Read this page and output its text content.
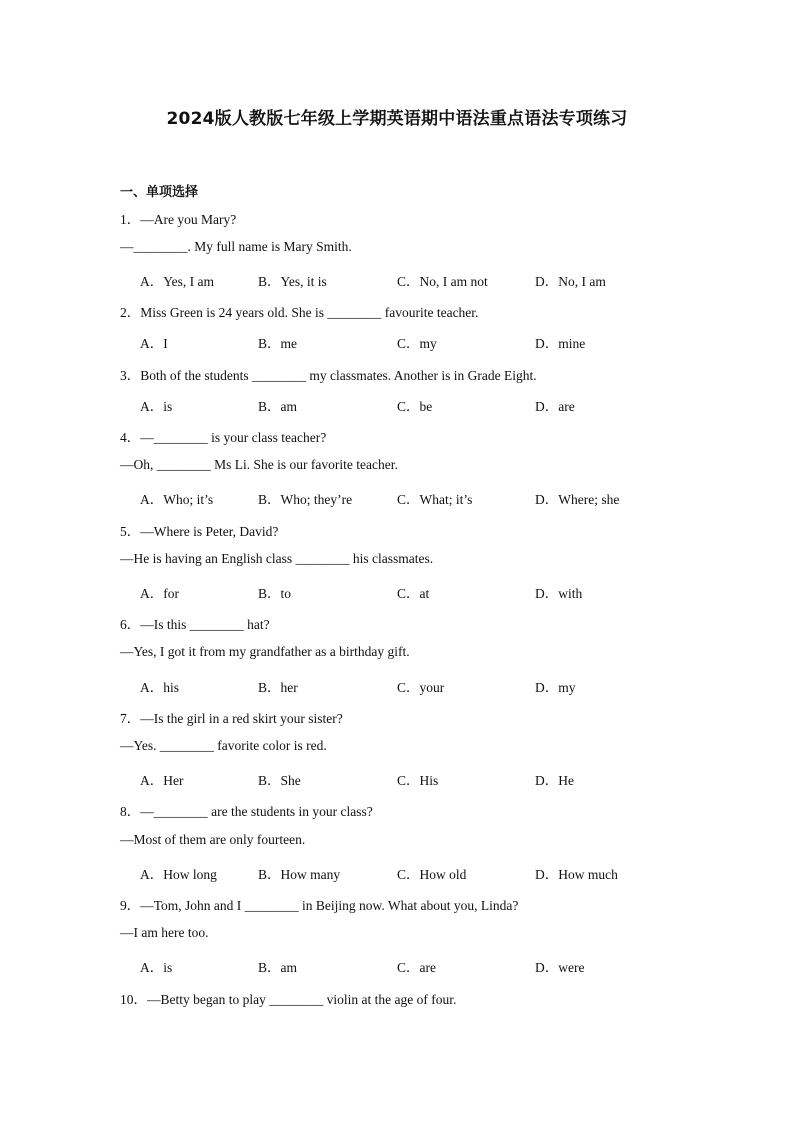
2024版人教版七年级上学期英语期中语法重点语法专项练习
一、单项选择
1．—Are you Mary?
—________. My full name is Mary Smith.
A．Yes, I am	B．Yes, it is	C．No, I am not	D．No, I am
2．Miss Green is 24 years old. She is ________ favourite teacher.
A．I	B．me	C．my	D．mine
3．Both of the students ________ my classmates. Another is in Grade Eight.
A．is	B．am	C．be	D．are
4．—________ is your class teacher?
—Oh, ________ Ms Li. She is our favorite teacher.
A．Who; it’s	B．Who; they’re	C．What; it’s	D．Where; she
5．—Where is Peter, David?
—He is having an English class ________ his classmates.
A．for	B．to	C．at	D．with
6．—Is this ________ hat?
—Yes, I got it from my grandfather as a birthday gift.
A．his	B．her	C．your	D．my
7．—Is the girl in a red skirt your sister?
—Yes. ________ favorite color is red.
A．Her	B．She	C．His	D．He
8．—________ are the students in your class?
—Most of them are only fourteen.
A．How long	B．How many	C．How old	D．How much
9．—Tom, John and I ________ in Beijing now. What about you, Linda?
—I am here too.
A．is	B．am	C．are	D．were
10．—Betty began to play ________ violin at the age of four.
